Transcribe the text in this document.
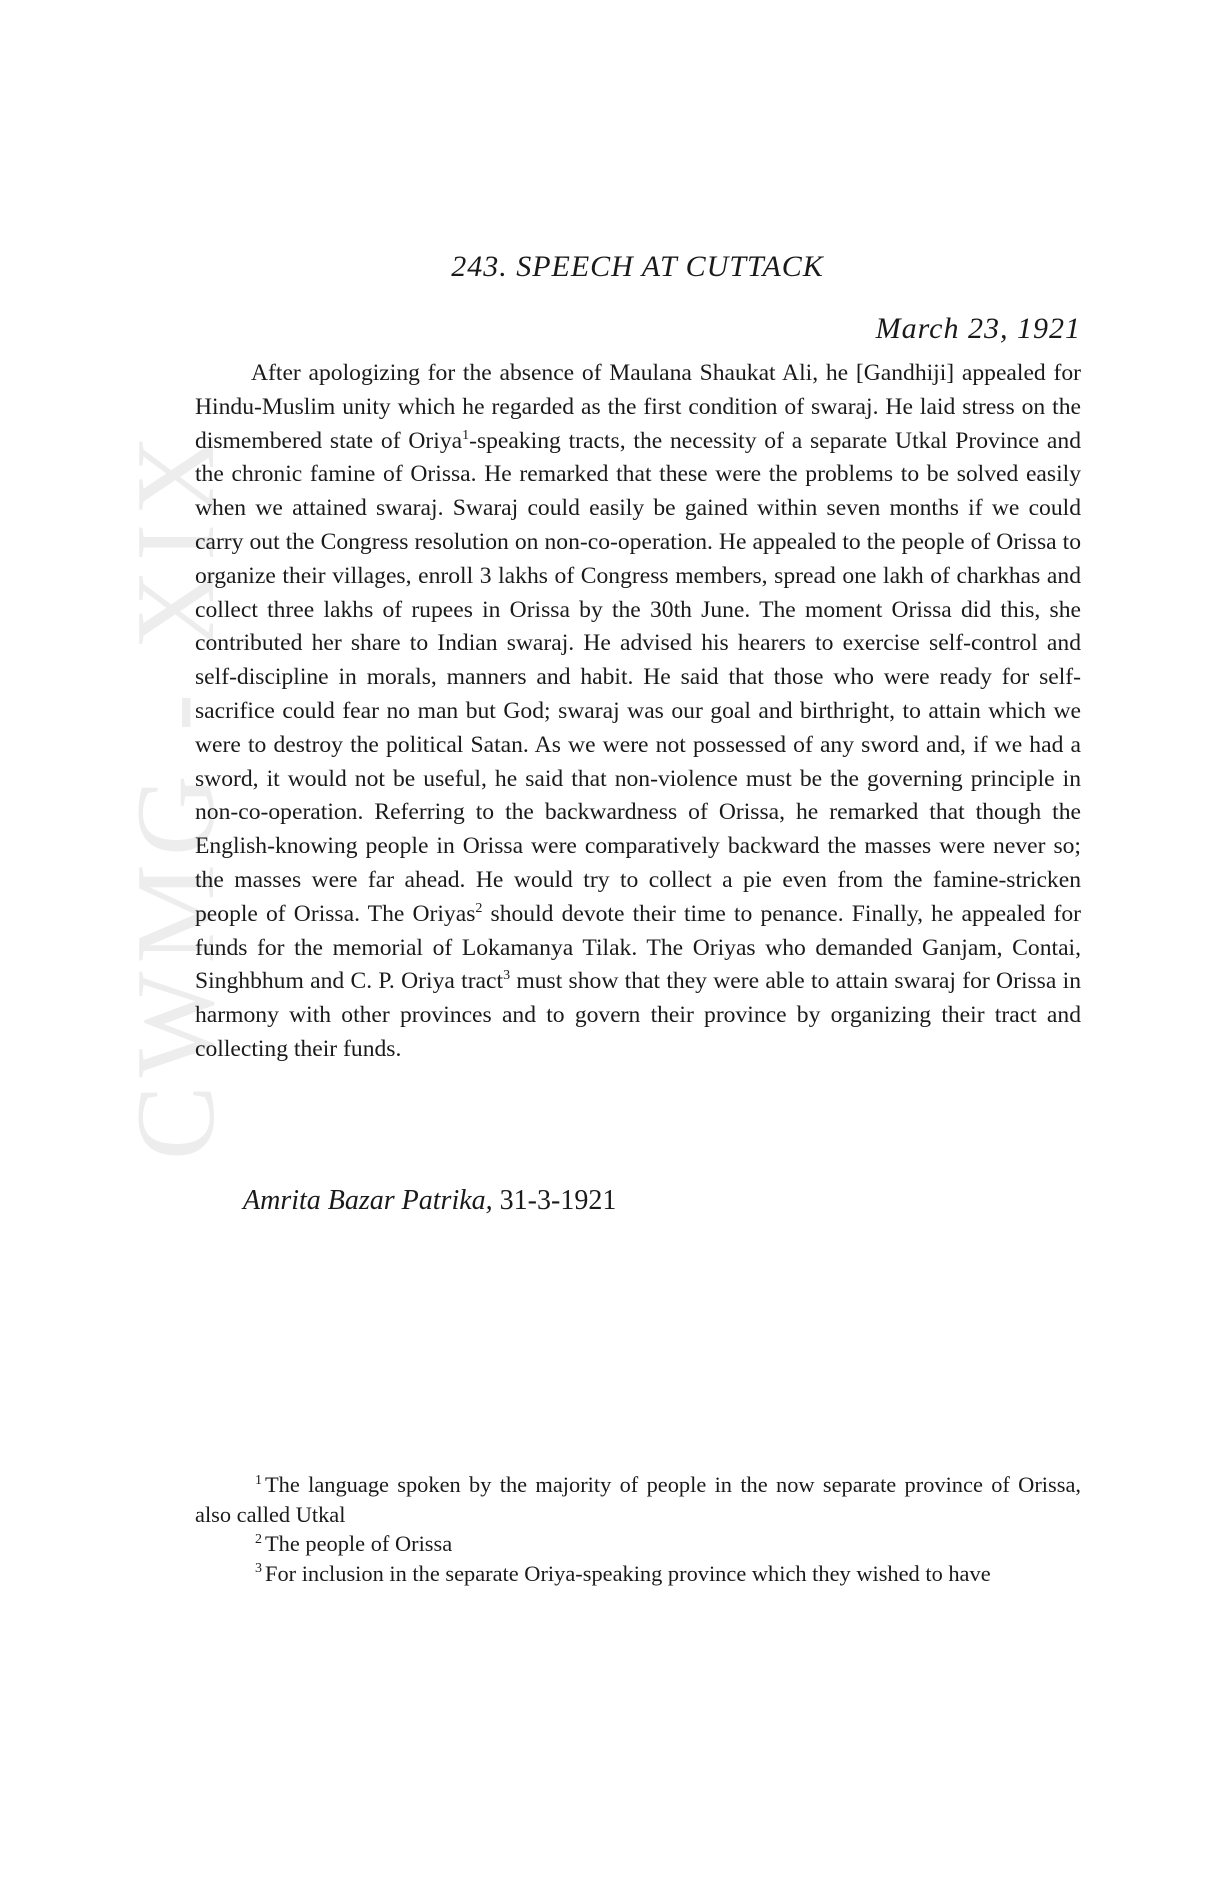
CWMG - XIX
243. SPEECH AT CUTTACK

March 23, 1921

After apologizing for the absence of Maulana Shaukat Ali, he [Gandhiji] appealed for Hindu-Muslim unity which he regarded as the first condition of swaraj. He laid stress on the dismembered state of Oriya$^1$-speaking tracts, the necessity of a separate Utkal Province and the chronic famine of Orissa. He remarked that these were the problems to be solved easily when we attained swaraj. Swaraj could easily be gained within seven months if we could carry out the Congress resolution on non-co-operation. He appealed to the people of Orissa to organize their villages, enroll 3 lakhs of Congress members, spread one lakh of charkhas and collect three lakhs of rupees in Orissa by the 30th June. The moment Orissa did this, she contributed her share to Indian swaraj. He advised his hearers to exercise self-control and self-discipline in morals, manners and habit. He said that those who were ready for self-sacrifice could fear no man but God; swaraj was our goal and birthright, to attain which we were to destroy the political Satan. As we were not possessed of any sword and, if we had a sword, it would not be useful, he said that non-violence must be the governing principle in non-co-operation. Referring to the backwardness of Orissa, he remarked that though the English-knowing people in Orissa were comparatively backward the masses were never so; the masses were far ahead. He would try to collect a pie even from the famine-stricken people of Orissa. The Oriyas$^2$ should devote their time to penance. Finally, he appealed for funds for the memorial of Lokamanya Tilak. The Oriyas who demanded Ganjam, Contai, Singhbhum and C. P. Oriya tract$^3$ must show that they were able to attain swaraj for Orissa in harmony with other provinces and to govern their province by organizing their tract and collecting their funds.

Amrita Bazar Patrika, 31-3-1921

$^1$ The language spoken by the majority of people in the now separate province of Orissa, also called Utkal

$^2$ The people of Orissa

$^3$ For inclusion in the separate Oriya-speaking province which they wished to have
